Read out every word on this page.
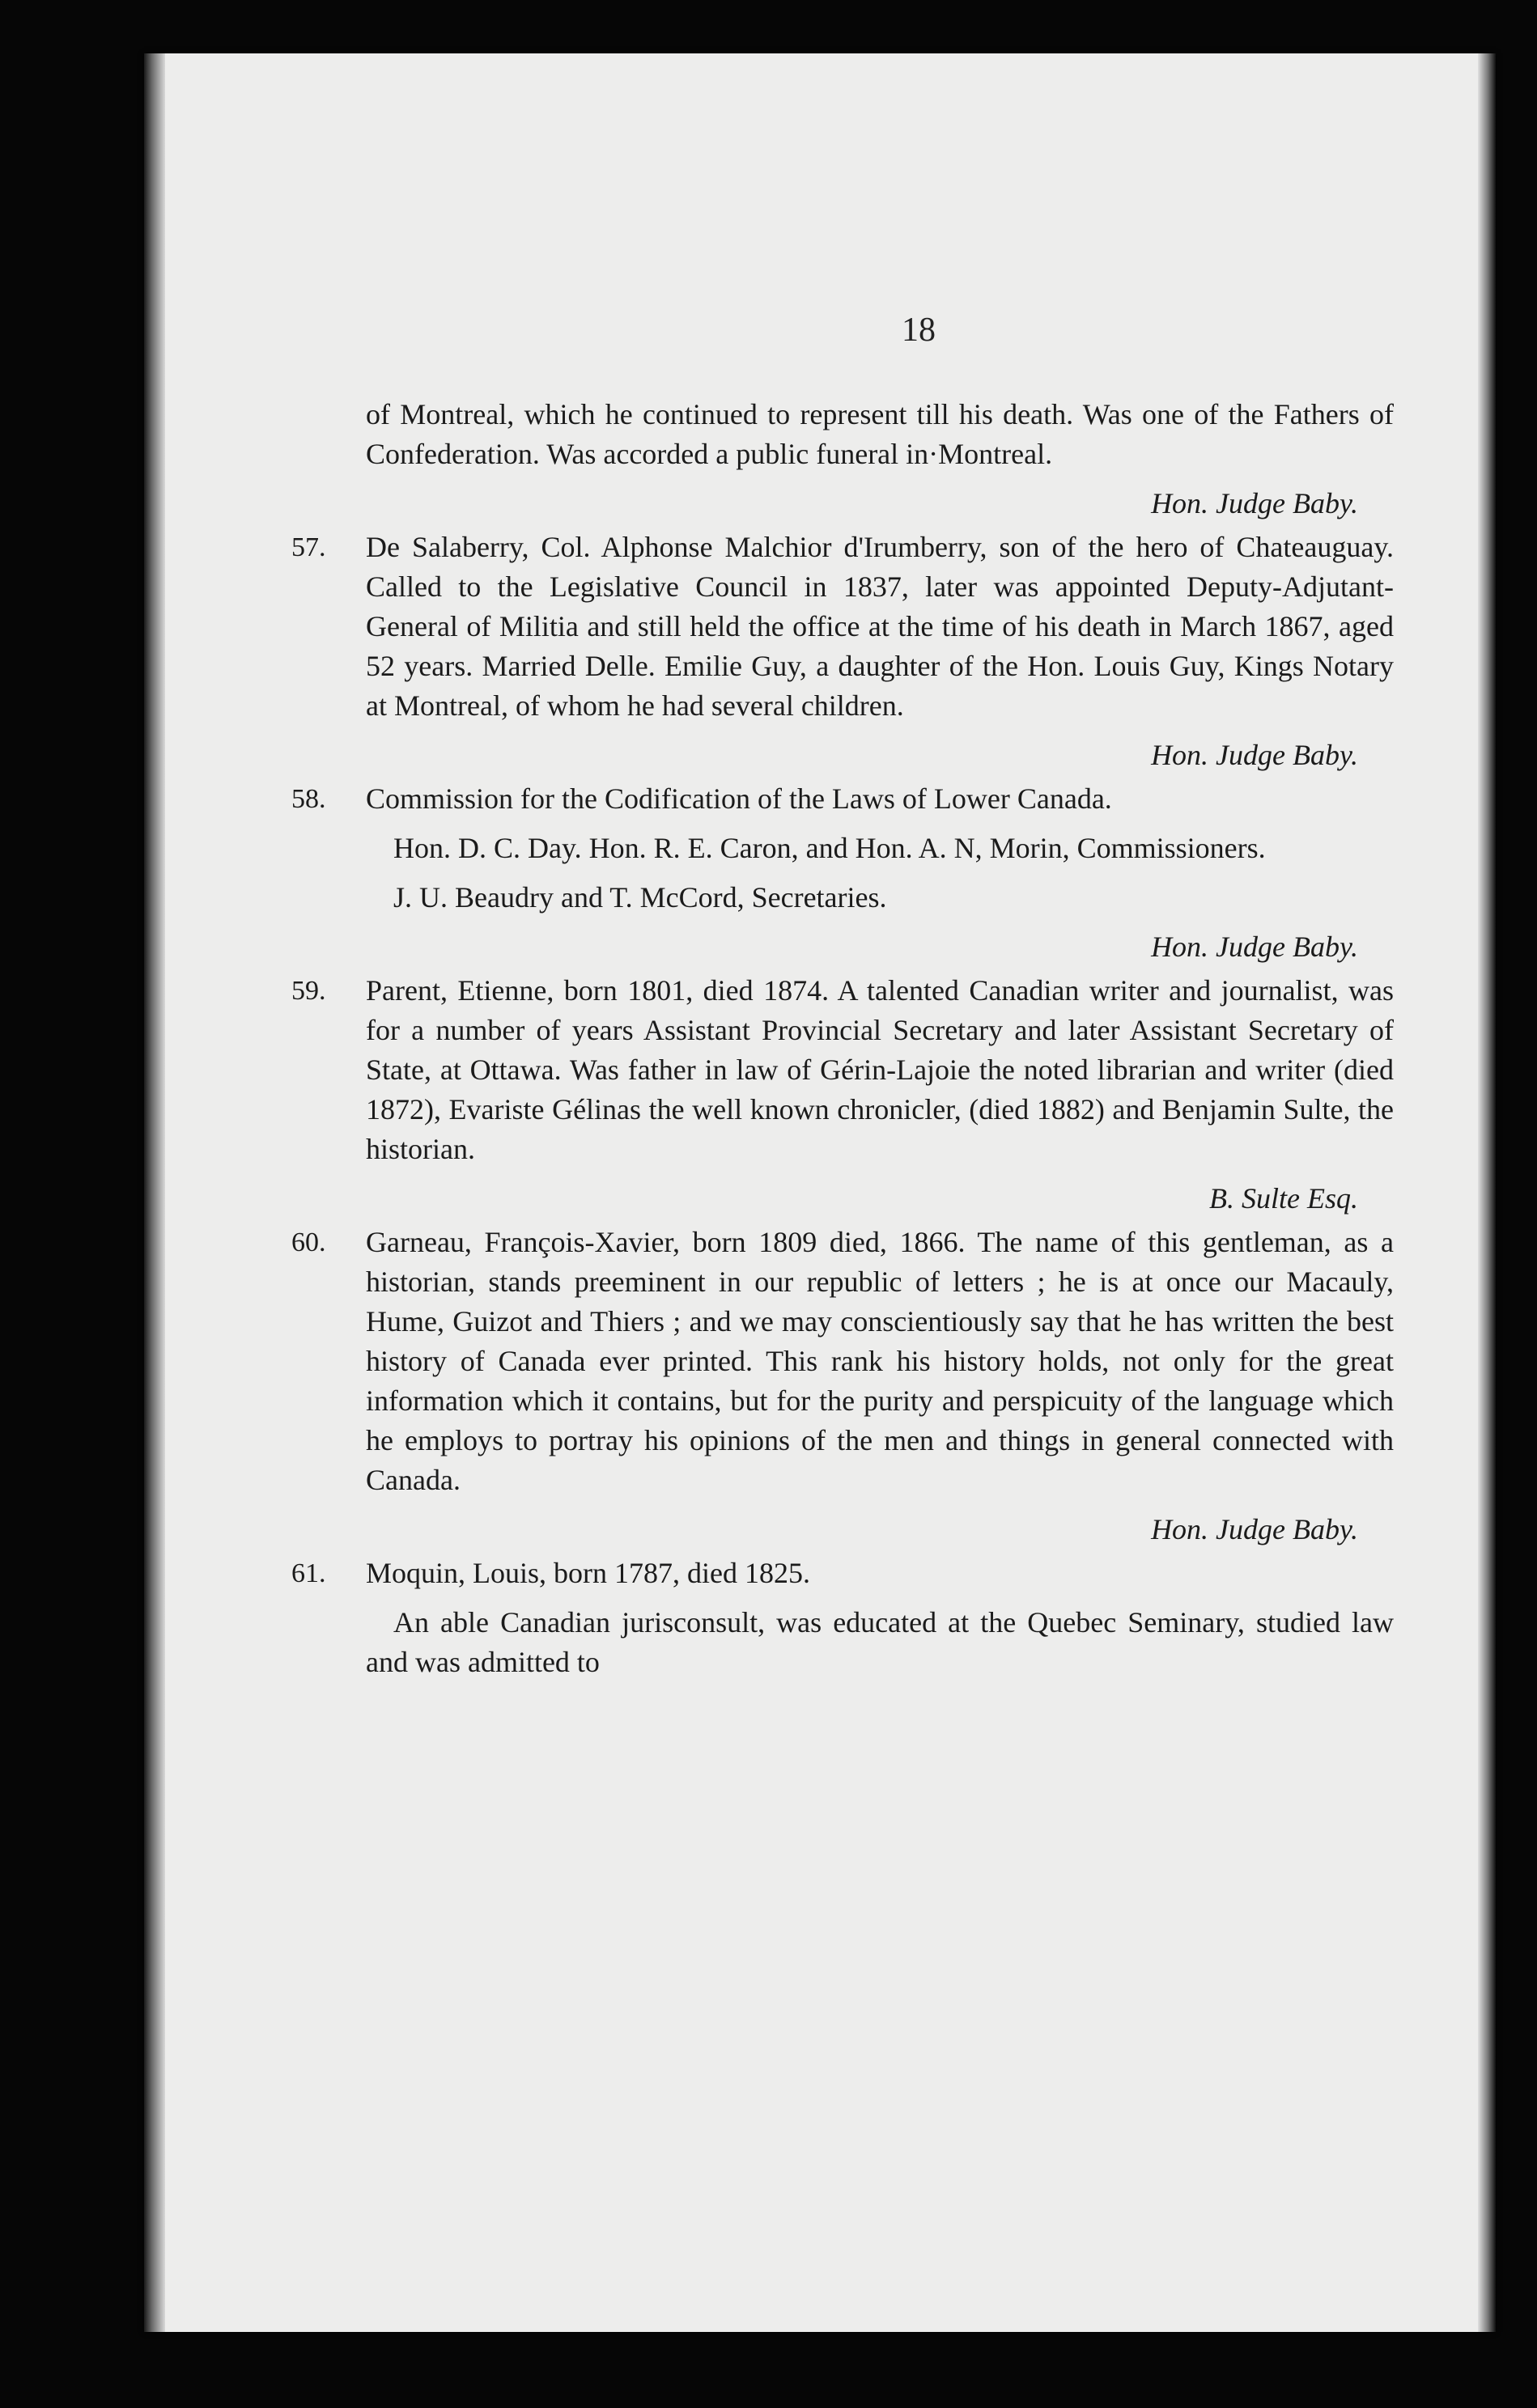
18

of Montreal, which he continued to represent till his death. Was one of the Fathers of Confederation. Was accorded a public funeral in·Montreal.

Hon. Judge Baby.
57. De Salaberry, Col. Alphonse Malchior d'Irumberry, son of the hero of Chateauguay. Called to the Legislative Council in 1837, later was appointed Deputy-Adjutant-General of Militia and still held the office at the time of his death in March 1867, aged 52 years. Married Delle. Emilie Guy, a daughter of the Hon. Louis Guy, Kings Notary at Montreal, of whom he had several children.

Hon. Judge Baby.
58. Commission for the Codification of the Laws of Lower Canada.

Hon. D. C. Day. Hon. R. E. Caron, and Hon. A. N, Morin, Commissioners.

J. U. Beaudry and T. McCord, Secretaries.

Hon. Judge Baby.
59. Parent, Etienne, born 1801, died 1874. A talented Canadian writer and journalist, was for a number of years Assistant Provincial Secretary and later Assistant Secretary of State, at Ottawa. Was father in law of Gérin-Lajoie the noted librarian and writer (died 1872), Evariste Gélinas the well known chronicler, (died 1882) and Benjamin Sulte, the historian.

B. Sulte Esq.
60. Garneau, François-Xavier, born 1809 died, 1866. The name of this gentleman, as a historian, stands preeminent in our republic of letters ; he is at once our Macauly, Hume, Guizot and Thiers ; and we may conscientiously say that he has written the best history of Canada ever printed. This rank his history holds, not only for the great information which it contains, but for the purity and perspicuity of the language which he employs to portray his opinions of the men and things in general connected with Canada.

Hon. Judge Baby.
61. Moquin, Louis, born 1787, died 1825.

An able Canadian jurisconsult, was educated at the Quebec Seminary, studied law and was admitted to
